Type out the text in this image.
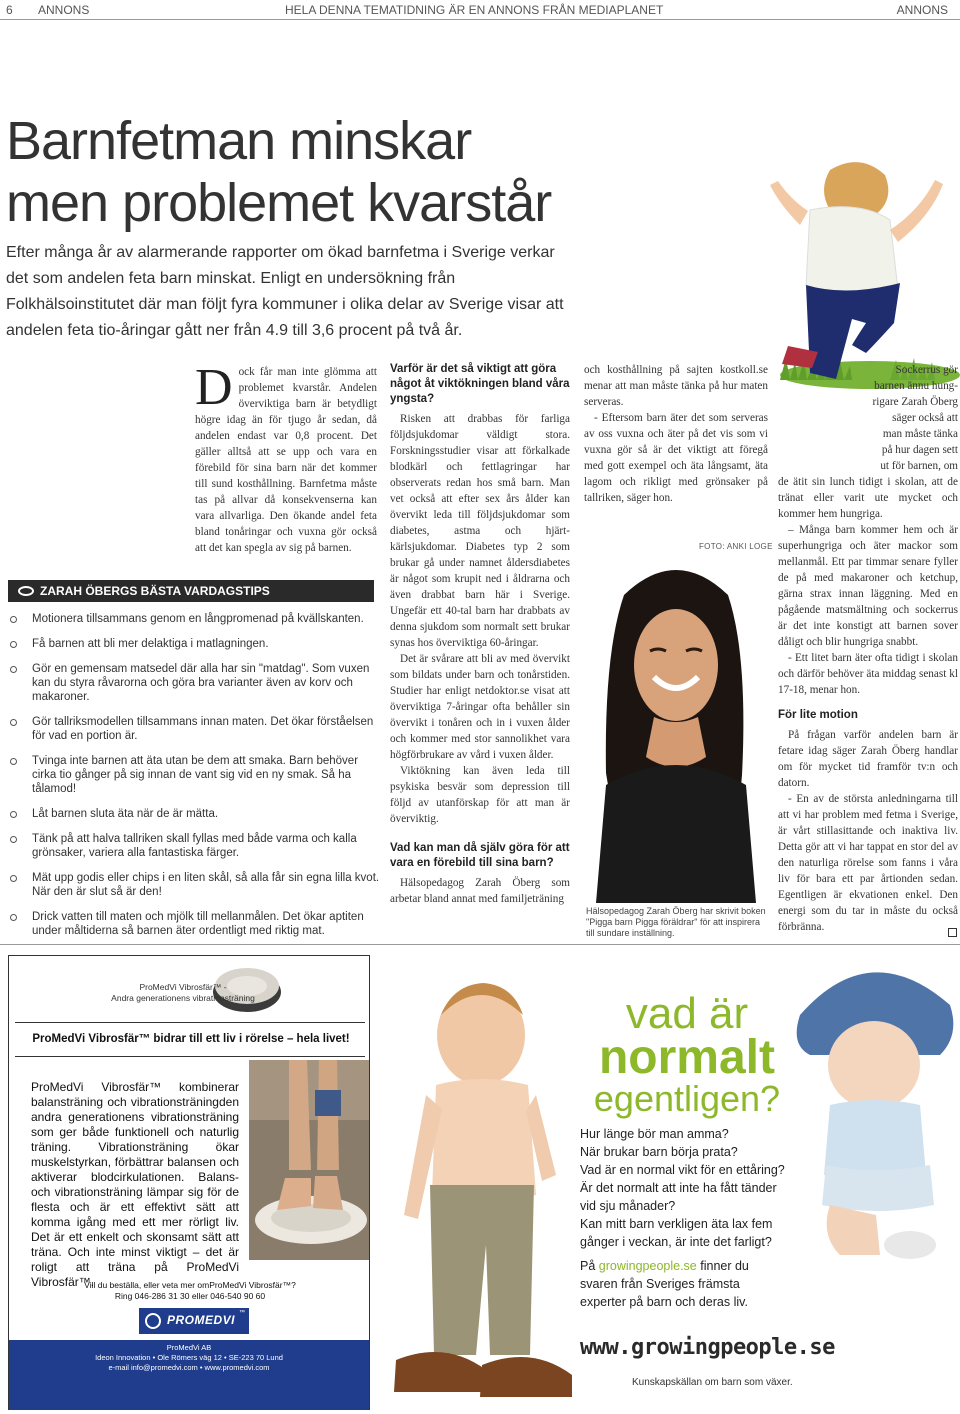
6 ANNONS	HELA DENNA TEMATIDNING ÄR EN ANNONS FRÅN MEDIAPLANET	ANNONS
Barnfetman minskar
men problemet kvarstår

Efter många år av alarmerande rapporter om ökad barnfetma i Sverige verkar det som andelen feta barn minskat. Enligt en undersökning från Folkhälsoinstitutet där man följt fyra kommuner i olika delar av Sverige visar att andelen feta tio-åringar gått ner från 4.9 till 3,6 procent på två år.

D ock får man inte glömma att problemet kvarstår. Andelen överviktiga barn är betydligt högre idag än för tjugo år sedan, då andelen endast var 0,8 procent. Det gäller alltså att se upp och vara en förebild för sina barn när det kommer till sund kosthållning. Barnfetma måste tas på allvar då konsekvenserna kan vara allvarliga. Den ökande andel feta bland tonåringar och vuxna gör också att det kan spegla av sig på barnen.

ZARAH ÖBERGS BÄSTA VARDAGSTIPS
Motionera tillsammans genom en långpromenad på kvällskanten.
Få barnen att bli mer delaktiga i matlagningen.
Gör en gemensam matsedel där alla har sin "matdag". Som vuxen kan du styra råvarorna och göra bra varianter även av korv och makaroner.
Gör tallriksmodellen tillsammans innan maten. Det ökar förståelsen för vad en portion är.
Tvinga inte barnen att äta utan be dem att smaka. Barn behöver cirka tio gånger på sig innan de vant sig vid en ny smak. Så ha tålamod!
Låt barnen sluta äta när de är mätta.
Tänk på att halva tallriken skall fyllas med både varma och kalla grönsaker, variera alla fantastiska färger.
Mät upp godis eller chips i en liten skål, så alla får sin egna lilla kvot. När den är slut så är den!
Drick vatten till maten och mjölk till mellanmålen. Det ökar aptiten under måltiderna så barnen äter ordentligt med riktig mat.
Varför är det så viktigt att göra något åt viktökningen bland våra yngsta?

Risken att drabbas för farliga följdsjukdomar väldigt stora. Forskningsstudier visar att förkalkade blodkärl och fettlagringar har observerats redan hos små barn. Man vet också att efter sex års ålder kan övervikt leda till följdsjukdomar som diabetes, astma och hjärt-kärlsjukdomar. Diabetes typ 2 som brukar gå under namnet åldersdiabetes är något som krupit ned i åldrarna och även drabbat barn här i Sverige. Ungefär ett 40-tal barn har drabbats av denna sjukdom som normalt sett brukar synas hos överviktiga 60-åringar.

Det är svårare att bli av med övervikt som bildats under barn och tonårstiden. Studier har enligt netdoktor.se visat att överviktiga 7-åringar ofta behåller sin övervikt i tonåren och in i vuxen ålder och kommer med stor sannolikhet vara högförbrukare av vård i vuxen ålder.

Viktökning kan även leda till psykiska besvär som depression till följd av utanförskap för att man är överviktig.

Vad kan man då själv göra för att vara en förebild till sina barn?

Hälsopedagog Zarah Öberg som arbetar bland annat med familjeträning

och kosthållning på sajten kostkoll.se menar att man måste tänka på hur maten serveras.

- Eftersom barn äter det som serveras av oss vuxna och äter på det vis som vi vuxna gör så är det viktigt att föregå med gott exempel och äta långsamt, äta lagom och rikligt med grönsaker på tallriken, säger hon.

FOTO: ANKI LOGE
Hälsopedagog Zarah Öberg har skrivit boken "Pigga barn Pigga föräldrar" för att inspirera till sundare inställning.
Sockerrus gör
barnen ännu hung-
rigare Zarah Öberg
säger också att
man måste tänka
på hur dagen sett
ut för barnen, om

de ätit sin lunch tidigt i skolan, att de tränat eller varit ute mycket och kommer hem hungriga.

– Många barn kommer hem och är superhungriga och äter mackor som mellanmål. Ett par timmar senare fyller de på med makaroner och ketchup, gärna strax innan läggning. Med en pågående matsmältning och sockerrus är det inte konstigt att barnen sover dåligt och blir hungriga snabbt.

- Ett litet barn äter ofta tidigt i skolan och därför behöver äta middag senast kl 17-18, menar hon.

För lite motion

På frågan varför andelen barn är fetare idag säger Zarah Öberg handlar om för mycket tid framför tv:n och datorn.

- En av de största anledningarna till att vi har problem med fetma i Sverige, är vårt stillasittande och inaktiva liv. Detta gör att vi har tappat en stor del av den naturliga rörelse som fanns i våra liv för bara ett par årtionden sedan. Egentligen är ekvationen enkel. Den energi som du tar in måste du också förbränna.

ProMedVi Vibrosfär™ -
Andra generationens vibrationsträning
ProMedVi Vibrosfär™ bidrar till ett liv i rörelse – hela livet!
ProMedVi Vibrosfär™ kombinerar balansträning och vibrationsträningden andra generationens vibrationsträning som ger både funktionell och naturlig träning. Vibrationsträning ökar muskelstyrkan, förbättrar balansen och aktiverar blodcirkulationen. Balans- och vibrationsträning lämpar sig för de flesta och är ett effektivt sätt att komma igång med ett mer rörligt liv. Det är ett enkelt och skonsamt sätt att träna. Och inte minst viktigt – det är roligt att träna på ProMedVi Vibrosfär™.
Vill du beställa, eller veta mer omProMedVi Vibrosfär™?
Ring 046-286 31 30 eller 046-540 90 60
PROMEDVI ™
ProMedVi AB
Ideon Innovation • Ole Römers väg 12 • SE-223 70 Lund
e-mail info@promedvi.com • www.promedvi.com
vad är
normalt
egentligen?
Hur länge bör man amma?
När brukar barn börja prata?
Vad är en normal vikt för en ettåring?
Är det normalt att inte ha fått tänder
vid sju månader?
Kan mitt barn verkligen äta lax fem
gånger i veckan, är inte det farligt?
På growingpeople.se finner du svaren från Sveriges främsta experter på barn och deras liv.
www.growingpeople.se
Kunskapskällan om barn som växer.
